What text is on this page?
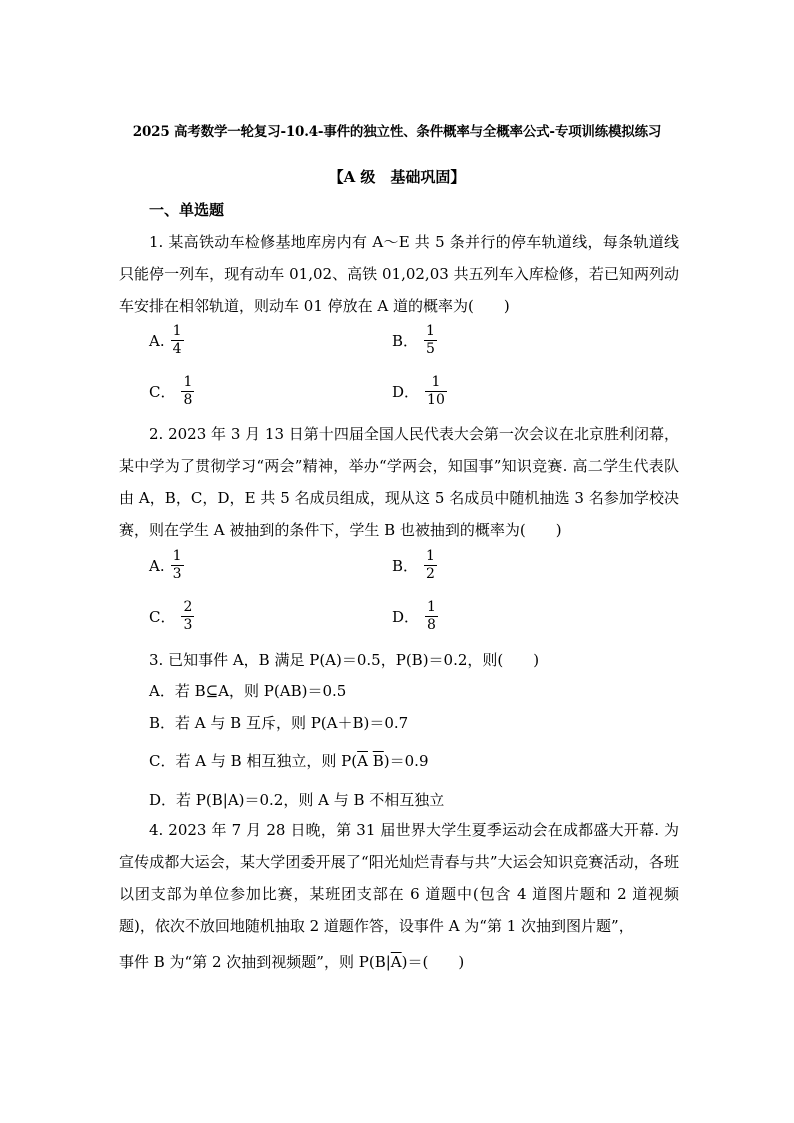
2025 高考数学一轮复习-10.4-事件的独立性、条件概率与全概率公式-专项训练模拟练习
【A 级　基础巩固】
一、单选题
1. 某高铁动车检修基地库房内有 A～E 共 5 条并行的停车轨道线，每条轨道线只能停一列车，现有动车 01,02、高铁 01,02,03 共五列车入库检修，若已知两列动车安排在相邻轨道，则动车 01 停放在 A 道的概率为(　　)
A. $\frac{1}{4}$	B． $\frac{1}{5}$
C． $\frac{1}{8}$	D． $\frac{1}{10}$
2. 2023 年 3 月 13 日第十四届全国人民代表大会第一次会议在北京胜利闭幕，某中学为了贯彻学习“两会”精神，举办“学两会，知国事”知识竞赛. 高二学生代表队由 A，B，C，D，E 共 5 名成员组成，现从这 5 名成员中随机抽选 3 名参加学校决赛，则在学生 A 被抽到的条件下，学生 B 也被抽到的概率为(　　)
A. $\frac{1}{3}$	B． $\frac{1}{2}$
C． $\frac{2}{3}$	D． $\frac{1}{8}$
3. 已知事件 A，B 满足 P(A)＝0.5，P(B)＝0.2，则(　　)
A．若 B⊆A，则 P(AB)＝0.5
B．若 A 与 B 互斥，则 P(A＋B)＝0.7
C．若 A 与 B 相互独立，则 $P(\overline{A}$ $\overline{B})=0.9$
D．若 P(B|A)＝0.2，则 A 与 B 不相互独立
4. 2023 年 7 月 28 日晚，第 31 届世界大学生夏季运动会在成都盛大开幕. 为宣传成都大运会，某大学团委开展了“阳光灿烂青春与共”大运会知识竞赛活动，各班以团支部为单位参加比赛，某班团支部在 6 道题中(包含 4 道图片题和 2 道视频题)，依次不放回地随机抽取 2 道题作答，设事件 A 为“第 1 次抽到图片题”，
事件 B 为“第 2 次抽到视频题”，则 $P(B|\overline{A})=$(　　)
